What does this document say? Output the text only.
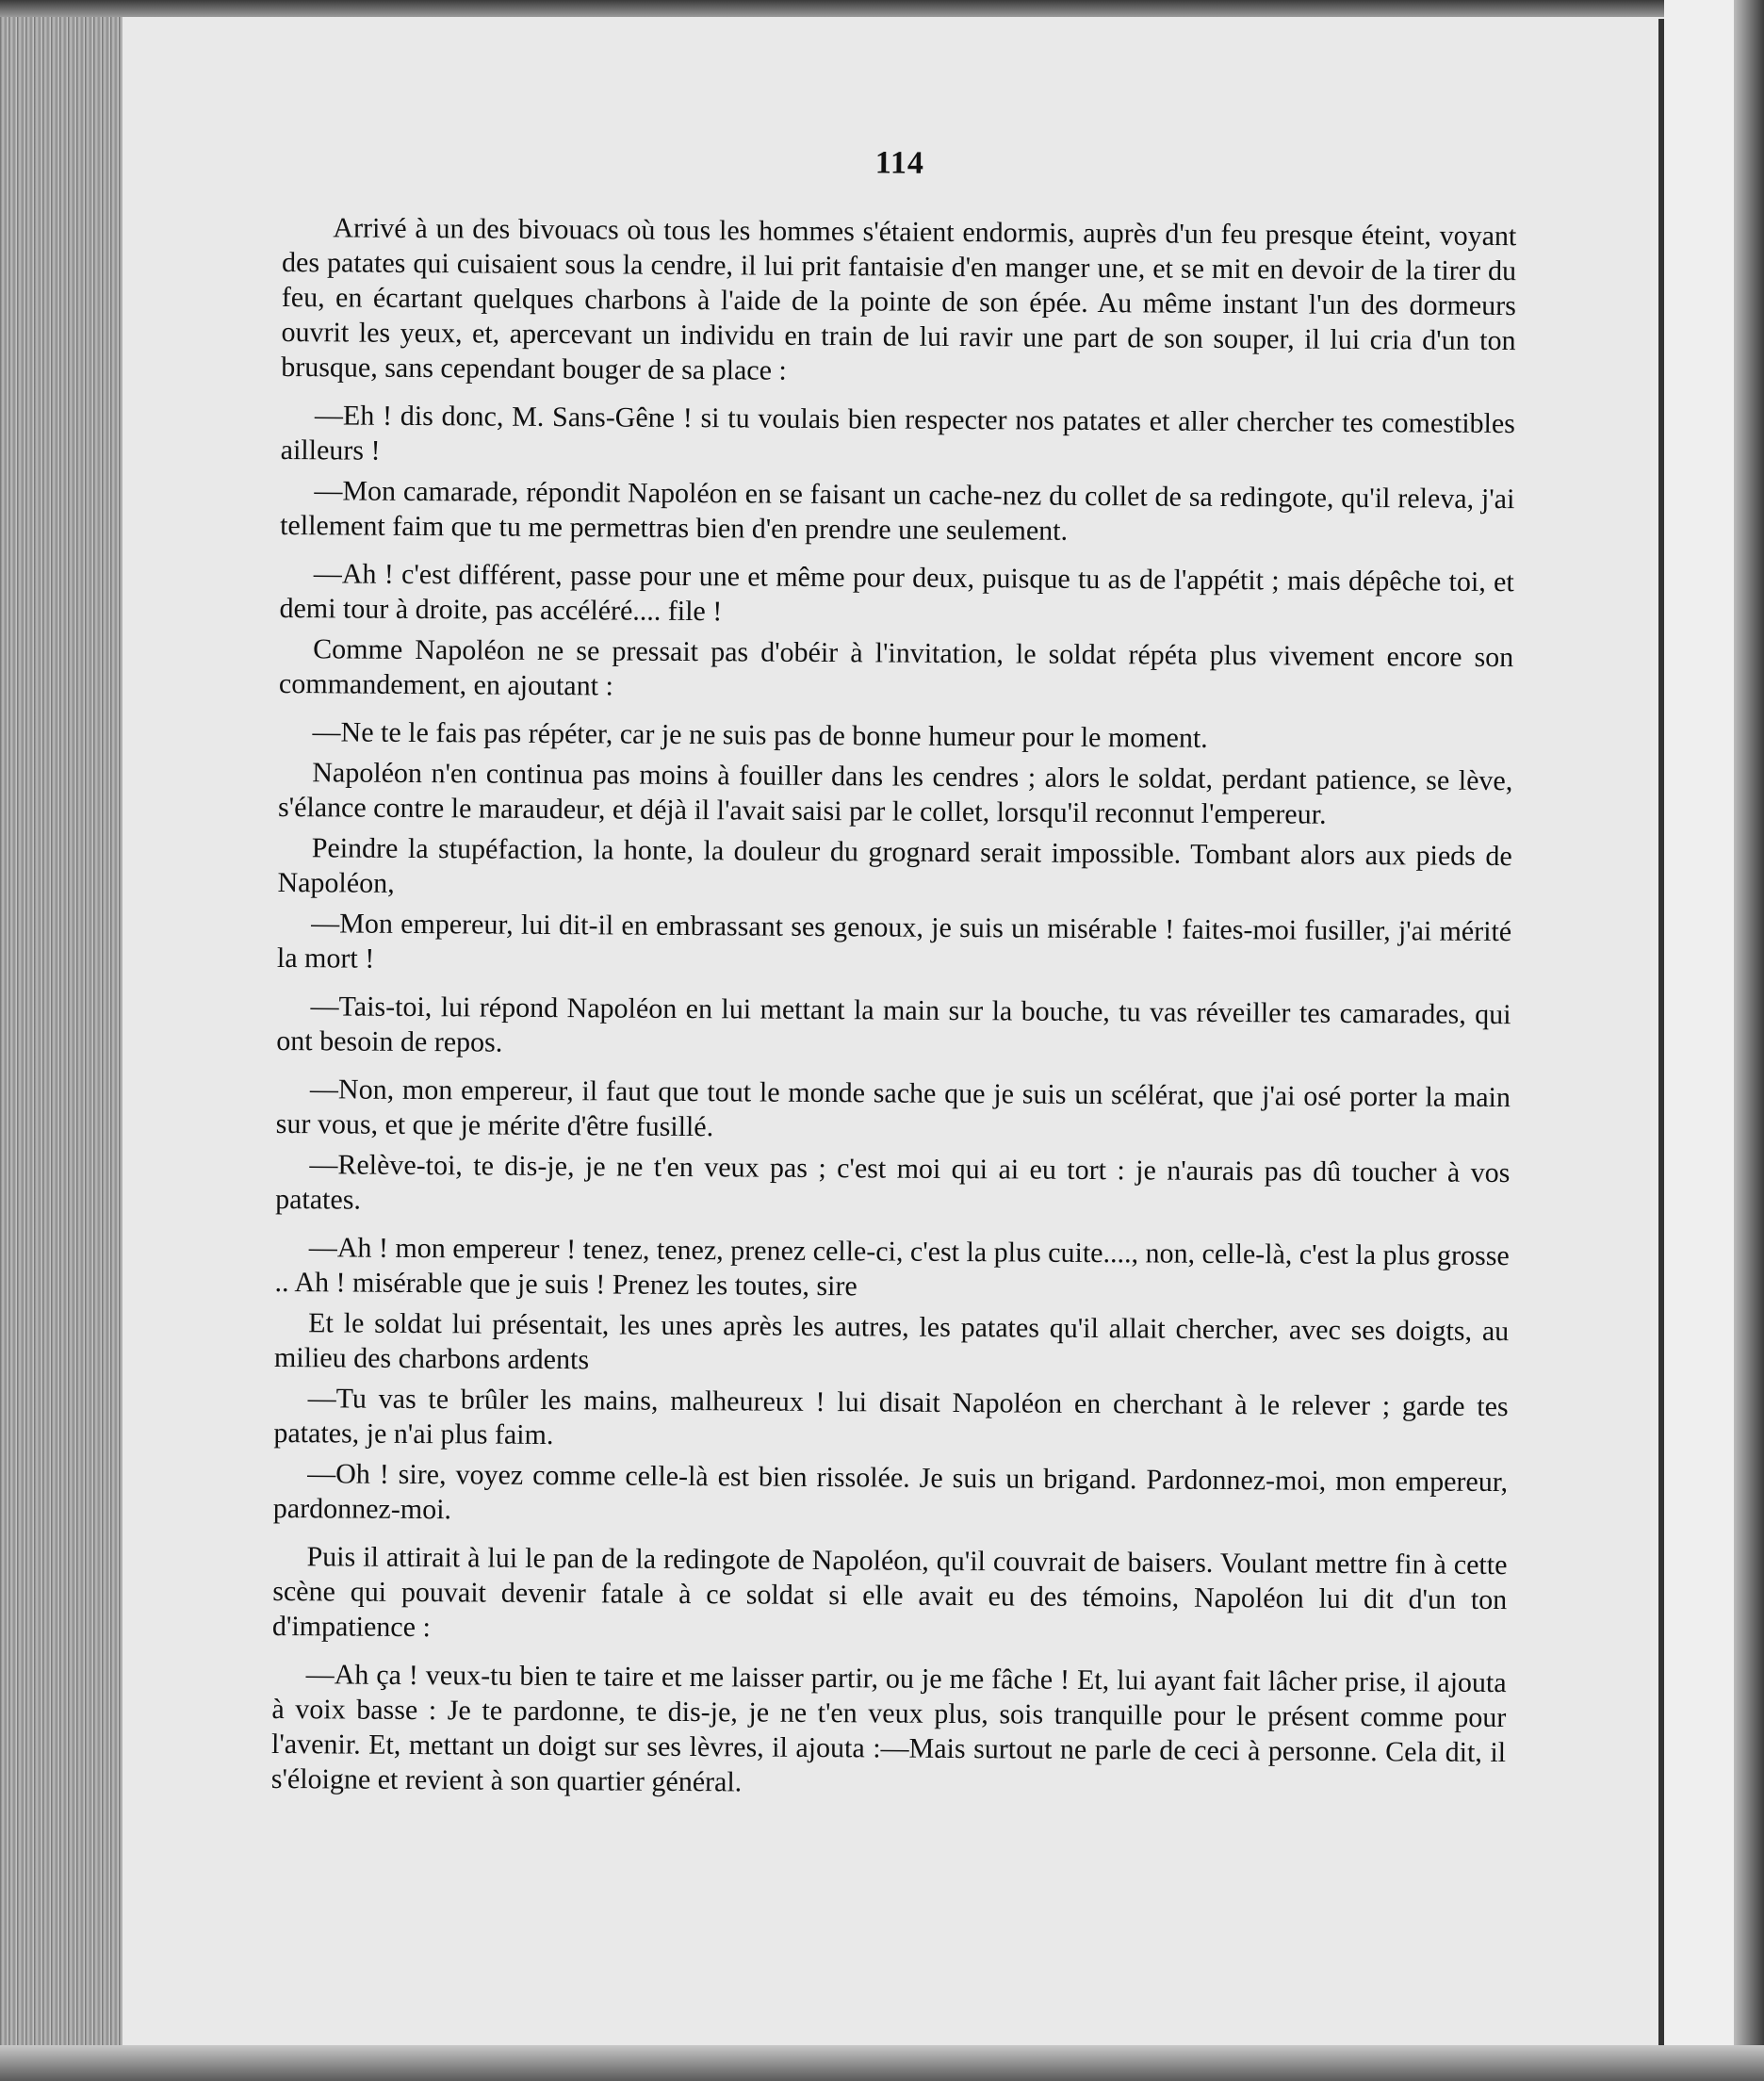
114

Arrivé à un des bivouacs où tous les hommes s'étaient endormis, auprès d'un feu presque éteint, voyant des patates qui cuisaient sous la cendre, il lui prit fantaisie d'en manger une, et se mit en devoir de la tirer du feu, en écartant quelques charbons à l'aide de la pointe de son épée. Au même instant l'un des dormeurs ouvrit les yeux, et, apercevant un individu en train de lui ravir une part de son souper, il lui cria d'un ton brusque, sans cependant bouger de sa place :

—Eh ! dis donc, M. Sans-Gêne ! si tu voulais bien respecter nos patates et aller chercher tes comestibles ailleurs !

—Mon camarade, répondit Napoléon en se faisant un cache-nez du collet de sa redingote, qu'il releva, j'ai tellement faim que tu me permettras bien d'en prendre une seulement.

—Ah ! c'est différent, passe pour une et même pour deux, puisque tu as de l'appétit ; mais dépêche toi, et demi tour à droite, pas accéléré.... file !

Comme Napoléon ne se pressait pas d'obéir à l'invitation, le soldat répéta plus vivement encore son commandement, en ajoutant :

—Ne te le fais pas répéter, car je ne suis pas de bonne humeur pour le moment.

Napoléon n'en continua pas moins à fouiller dans les cendres ; alors le soldat, perdant patience, se lève, s'élance contre le maraudeur, et déjà il l'avait saisi par le collet, lorsqu'il reconnut l'empereur.

Peindre la stupéfaction, la honte, la douleur du grognard serait impossible. Tombant alors aux pieds de Napoléon,

—Mon empereur, lui dit-il en embrassant ses genoux, je suis un misérable ! faites-moi fusiller, j'ai mérité la mort !

—Tais-toi, lui répond Napoléon en lui mettant la main sur la bouche, tu vas réveiller tes camarades, qui ont besoin de repos.

—Non, mon empereur, il faut que tout le monde sache que je suis un scélérat, que j'ai osé porter la main sur vous, et que je mérite d'être fusillé.

—Relève-toi, te dis-je, je ne t'en veux pas ; c'est moi qui ai eu tort : je n'aurais pas dû toucher à vos patates.

—Ah ! mon empereur ! tenez, tenez, prenez celle-ci, c'est la plus cuite...., non, celle-là, c'est la plus grosse .. Ah ! misérable que je suis ! Prenez les toutes, sire

Et le soldat lui présentait, les unes après les autres, les patates qu'il allait chercher, avec ses doigts, au milieu des charbons ardents

—Tu vas te brûler les mains, malheureux ! lui disait Napoléon en cherchant à le relever ; garde tes patates, je n'ai plus faim.

—Oh ! sire, voyez comme celle-là est bien rissolée. Je suis un brigand. Pardonnez-moi, mon empereur, pardonnez-moi.

Puis il attirait à lui le pan de la redingote de Napoléon, qu'il couvrait de baisers. Voulant mettre fin à cette scène qui pouvait devenir fatale à ce soldat si elle avait eu des témoins, Napoléon lui dit d'un ton d'impatience :

—Ah ça ! veux-tu bien te taire et me laisser partir, ou je me fâche ! Et, lui ayant fait lâcher prise, il ajouta à voix basse : Je te pardonne, te dis-je, je ne t'en veux plus, sois tranquille pour le présent comme pour l'avenir. Et, mettant un doigt sur ses lèvres, il ajouta :—Mais surtout ne parle de ceci à personne. Cela dit, il s'éloigne et revient à son quartier général.
